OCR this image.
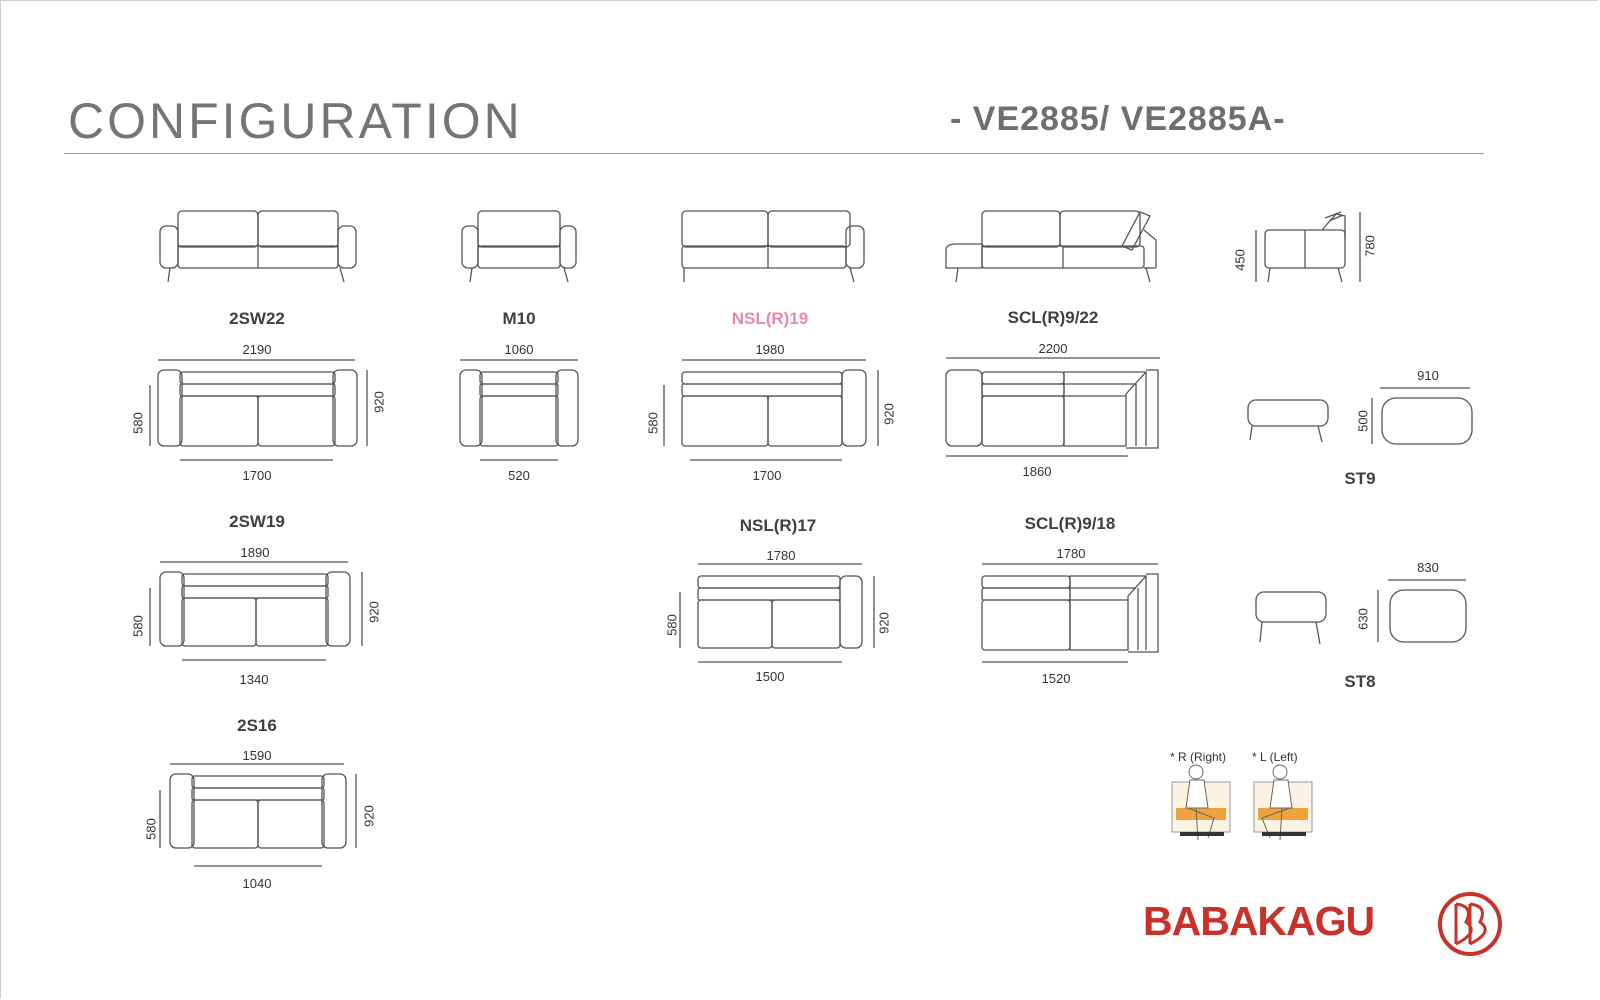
CONFIGURATION	- VE2885/ VE2885A-
2SW22	M10	NSL(R)19	SCL(R)9/22
2SW19	NSL(R)17	SCL(R)9/18
2S16
ST9
ST8
2190
1700
1060
520
1980
1700
2200
1860
1890
1340
1780
1500
1780
1520
1590
1040
910
830
450
780
580
920
580	920
580
920
580	920
580
920
500
630
* R (Right) * L (Left)
BABAKAGU
